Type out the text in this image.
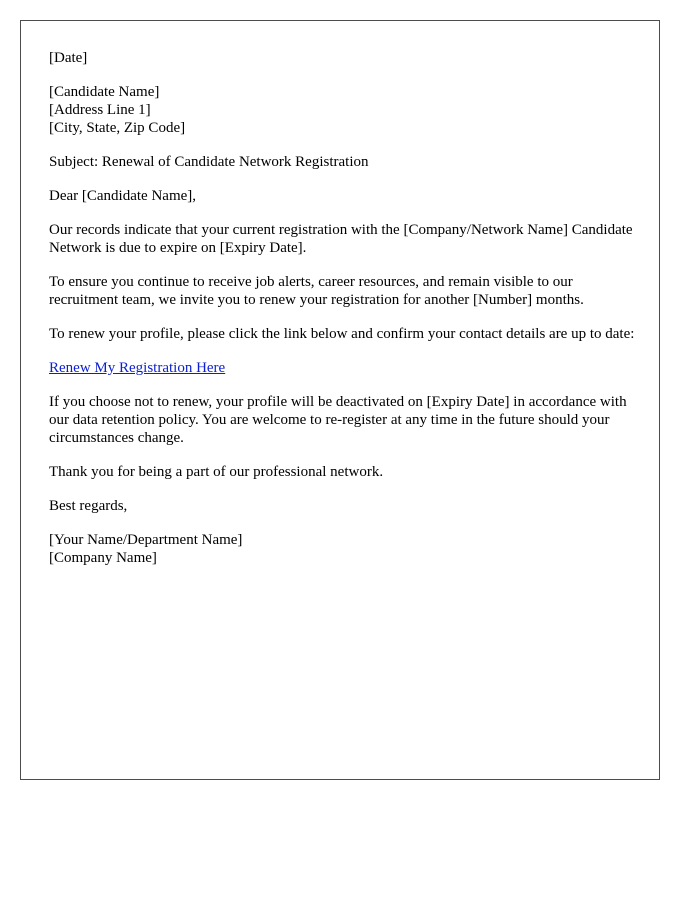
[Date]
[Candidate Name]
[Address Line 1]
[City, State, Zip Code]
Subject: Renewal of Candidate Network Registration
Dear [Candidate Name],
Our records indicate that your current registration with the [Company/Network Name] Candidate Network is due to expire on [Expiry Date].
To ensure you continue to receive job alerts, career resources, and remain visible to our recruitment team, we invite you to renew your registration for another [Number] months.
To renew your profile, please click the link below and confirm your contact details are up to date:
Renew My Registration Here
If you choose not to renew, your profile will be deactivated on [Expiry Date] in accordance with our data retention policy. You are welcome to re-register at any time in the future should your circumstances change.
Thank you for being a part of our professional network.
Best regards,
[Your Name/Department Name]
[Company Name]
